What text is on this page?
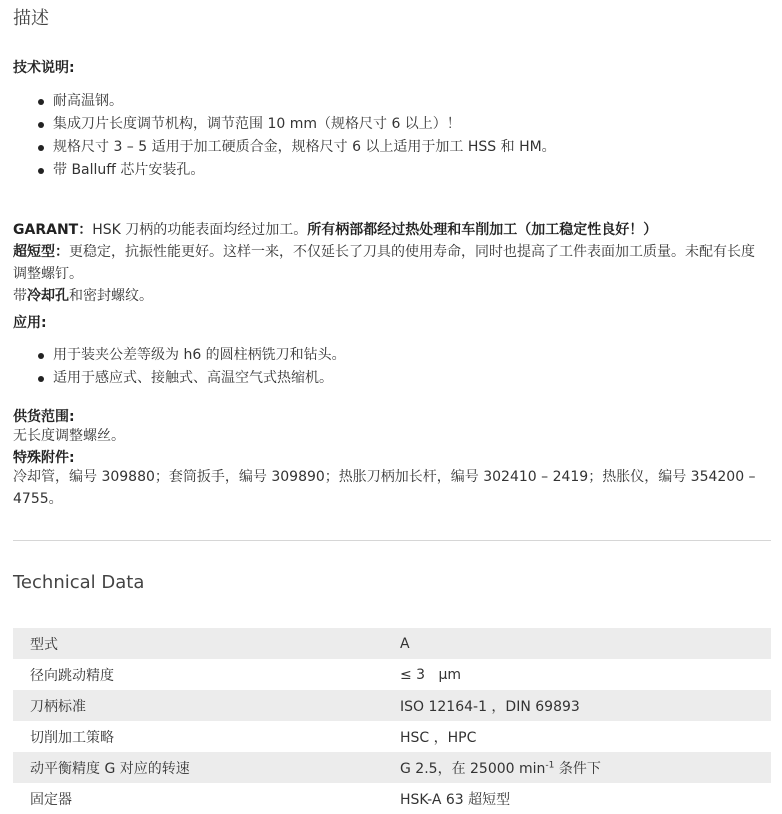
描述
技术说明:
耐高温钢。
集成刀片长度调节机构，调节范围 10 mm（规格尺寸 6 以上）！
规格尺寸 3 – 5 适用于加工硬质合金，规格尺寸 6 以上适用于加工 HSS 和 HM。
带 Balluff 芯片安装孔。

GARANT：HSK 刀柄的功能表面均经过加工。所有柄部都经过热处理和车削加工（加工稳定性良好！）
超短型：更稳定，抗振性能更好。这样一来，不仅延长了刀具的使用寿命，同时也提高了工件表面加工质量。未配有长度调整螺钉。
带冷却孔和密封螺纹。

应用:
用于装夹公差等级为 h6 的圆柱柄铣刀和钻头。
适用于感应式、接触式、高温空气式热缩机。
供货范围:

无长度调整螺丝。

特殊附件:

冷却管，编号 309880；套筒扳手，编号 309890；热胀刀柄加长杆，编号 302410 – 2419；热胀仪，编号 354200 – 4755。

Technical Data
型式	A
径向跳动精度	≤ 3   µm
刀柄标准	ISO 12164-1 ，DIN 69893
切削加工策略	HSC ，HPC
动平衡精度 G 对应的转速	G 2.5，在 25000 $\min^{-1}$ 条件下
固定器	HSK-A 63 超短型
